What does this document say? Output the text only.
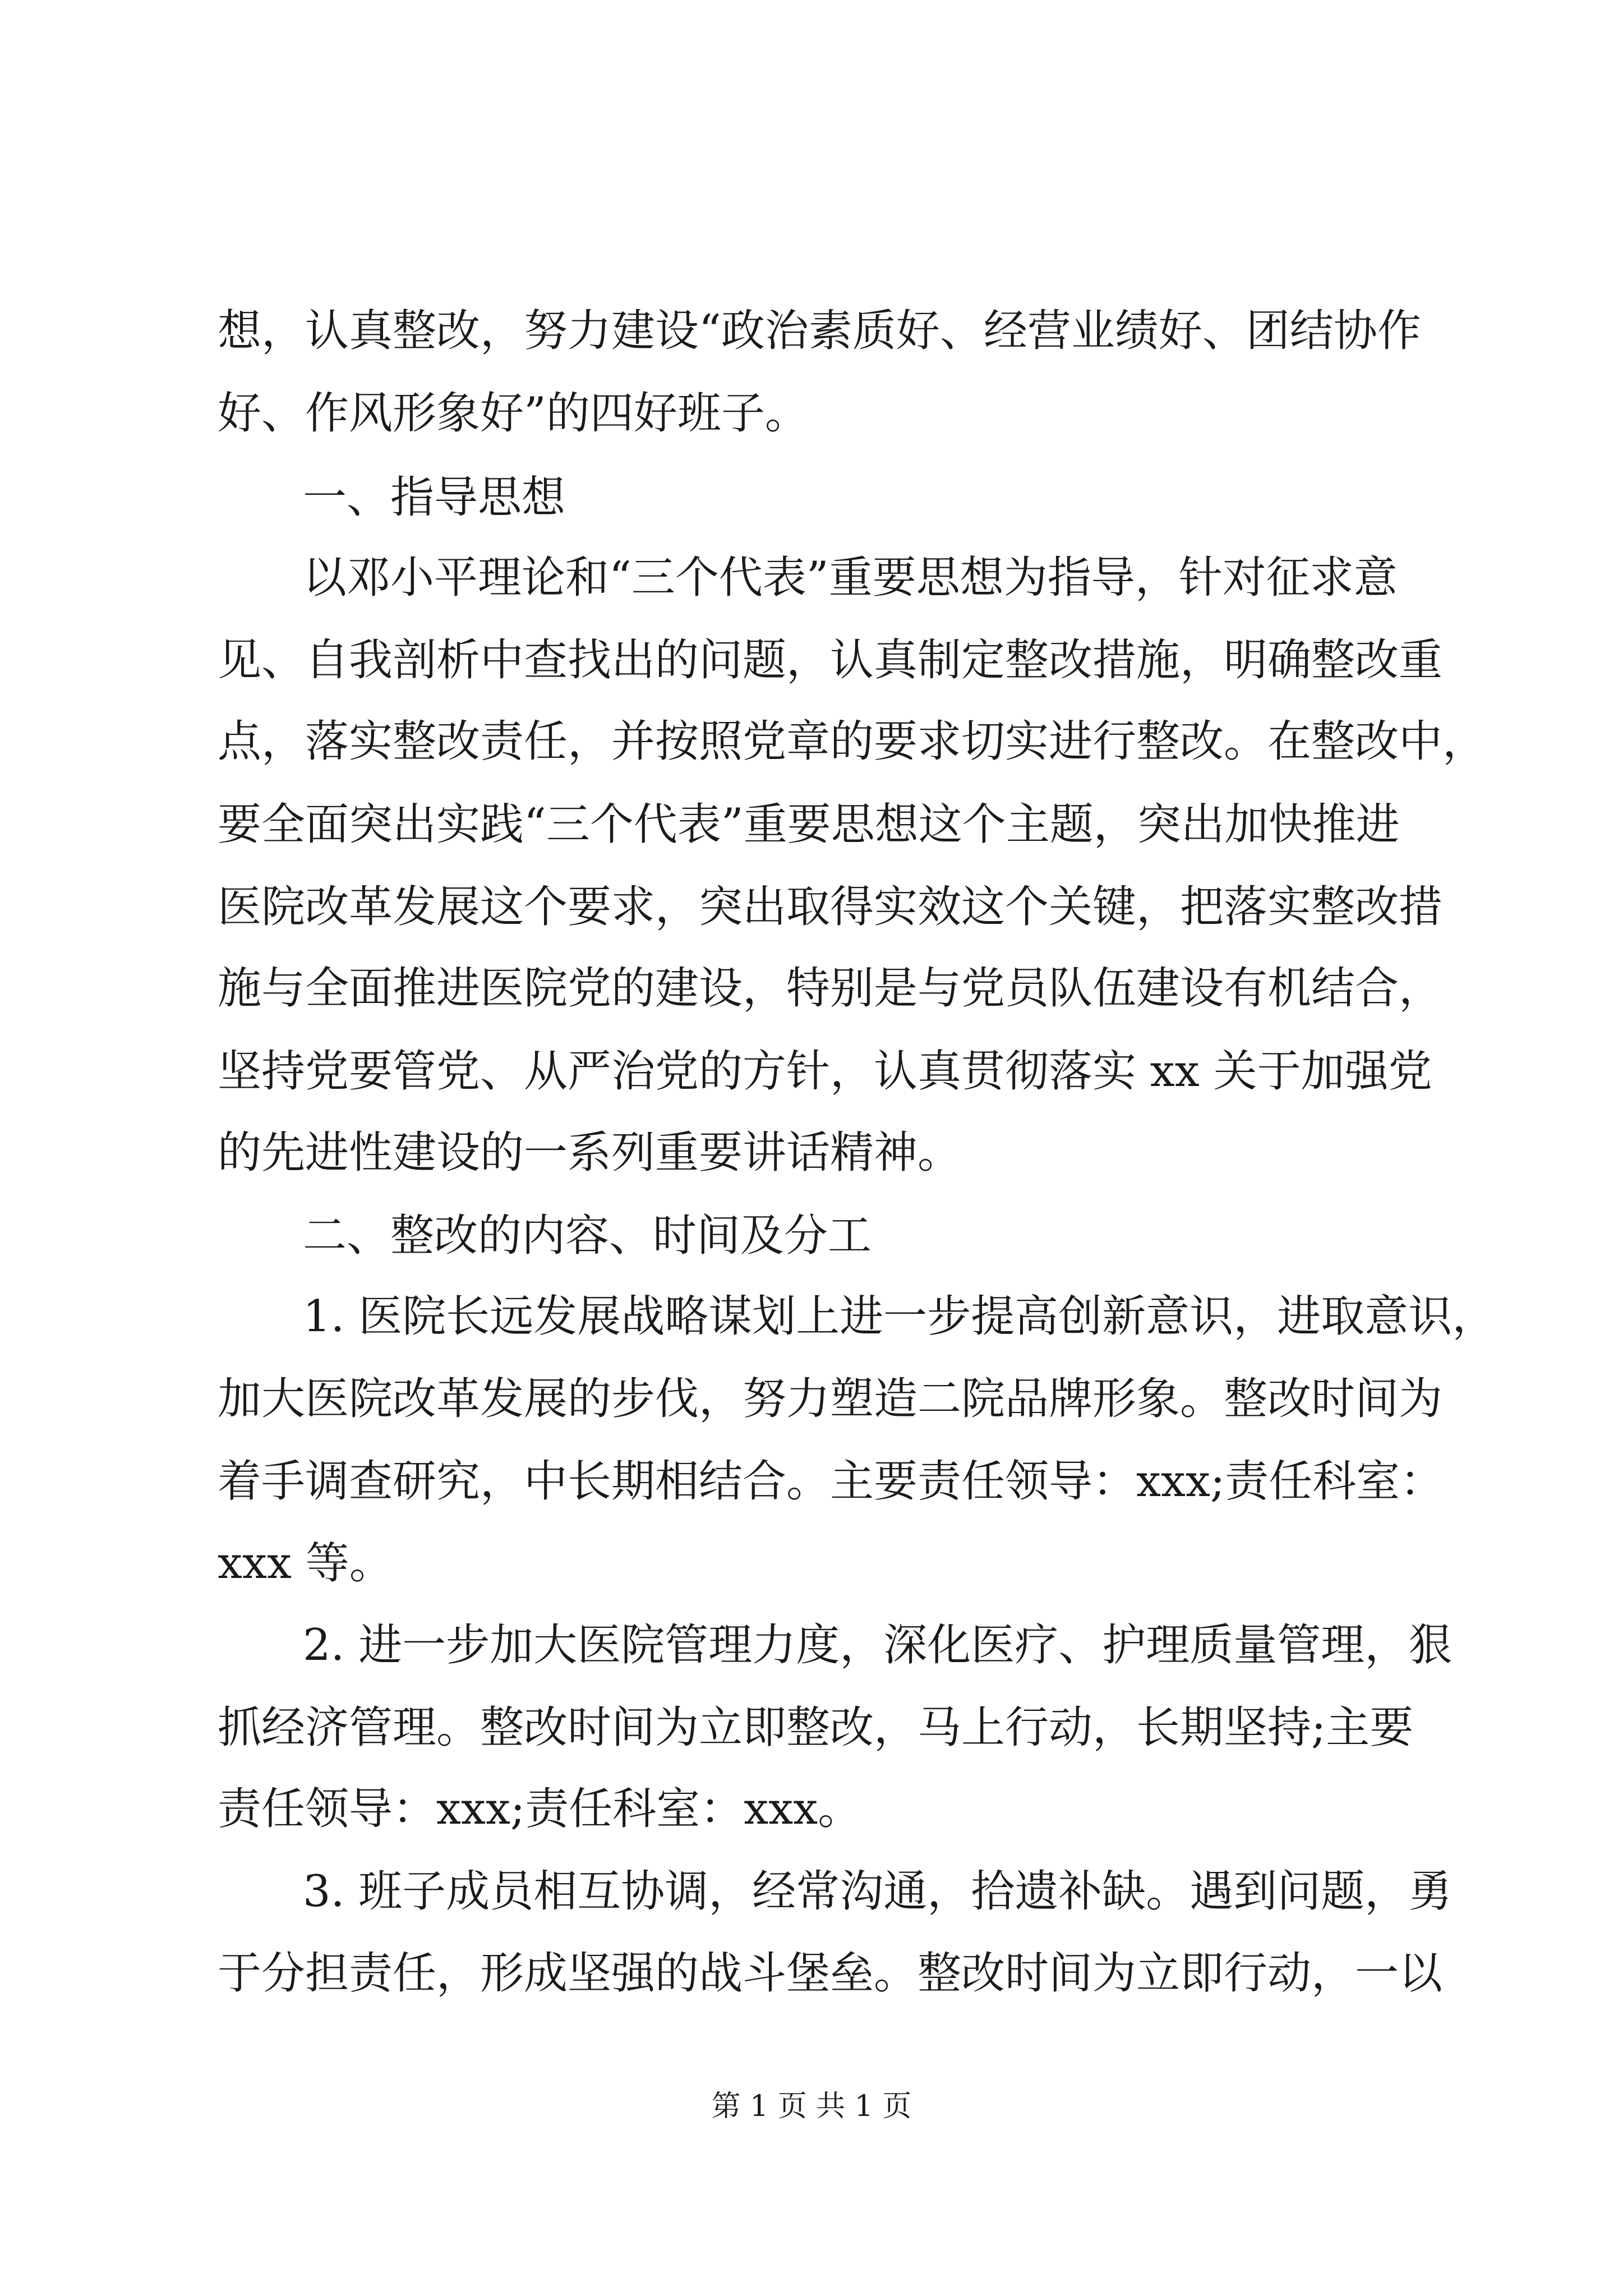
想，认真整改，努力建设“政治素质好、经营业绩好、团结协作
好、作风形象好”的四好班子。
一、指导思想
以邓小平理论和“三个代表”重要思想为指导，针对征求意
见、自我剖析中查找出的问题，认真制定整改措施，明确整改重
点，落实整改责任，并按照党章的要求切实进行整改。在整改中，
要全面突出实践“三个代表”重要思想这个主题，突出加快推进
医院改革发展这个要求，突出取得实效这个关键，把落实整改措
施与全面推进医院党的建设，特别是与党员队伍建设有机结合，
坚持党要管党、从严治党的方针，认真贯彻落实 xx 关于加强党
的先进性建设的一系列重要讲话精神。
二、整改的内容、时间及分工
1. 医院长远发展战略谋划上进一步提高创新意识，进取意识，
加大医院改革发展的步伐，努力塑造二院品牌形象。整改时间为
着手调查研究，中长期相结合。主要责任领导：xxx;责任科室：
xxx 等。
2. 进一步加大医院管理力度，深化医疗、护理质量管理，狠
抓经济管理。整改时间为立即整改，马上行动，长期坚持;主要
责任领导：xxx;责任科室：xxx。
3. 班子成员相互协调，经常沟通，拾遗补缺。遇到问题，勇
于分担责任，形成坚强的战斗堡垒。整改时间为立即行动，一以
第 1 页 共 1 页
